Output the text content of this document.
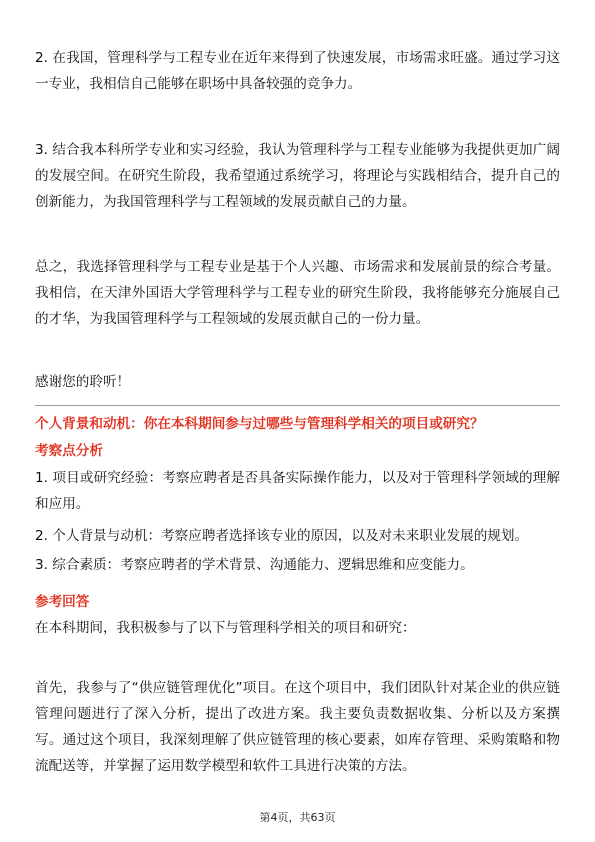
2. 在我国，管理科学与工程专业在近年来得到了快速发展，市场需求旺盛。通过学习这一专业，我相信自己能够在职场中具备较强的竞争力。

3. 结合我本科所学专业和实习经验，我认为管理科学与工程专业能够为我提供更加广阔的发展空间。在研究生阶段，我希望通过系统学习，将理论与实践相结合，提升自己的创新能力，为我国管理科学与工程领域的发展贡献自己的力量。

总之，我选择管理科学与工程专业是基于个人兴趣、市场需求和发展前景的综合考量。我相信，在天津外国语大学管理科学与工程专业的研究生阶段，我将能够充分施展自己的才华，为我国管理科学与工程领域的发展贡献自己的一份力量。

感谢您的聆听！

个人背景和动机：你在本科期间参与过哪些与管理科学相关的项目或研究？

考察点分析

1. 项目或研究经验：考察应聘者是否具备实际操作能力，以及对于管理科学领域的理解和应用。

2. 个人背景与动机：考察应聘者选择该专业的原因，以及对未来职业发展的规划。

3. 综合素质：考察应聘者的学术背景、沟通能力、逻辑思维和应变能力。

参考回答

在本科期间，我积极参与了以下与管理科学相关的项目和研究：

首先，我参与了“供应链管理优化”项目。在这个项目中，我们团队针对某企业的供应链管理问题进行了深入分析，提出了改进方案。我主要负责数据收集、分析以及方案撰写。通过这个项目，我深刻理解了供应链管理的核心要素，如库存管理、采购策略和物流配送等，并掌握了运用数学模型和软件工具进行决策的方法。

第4页，共63页
